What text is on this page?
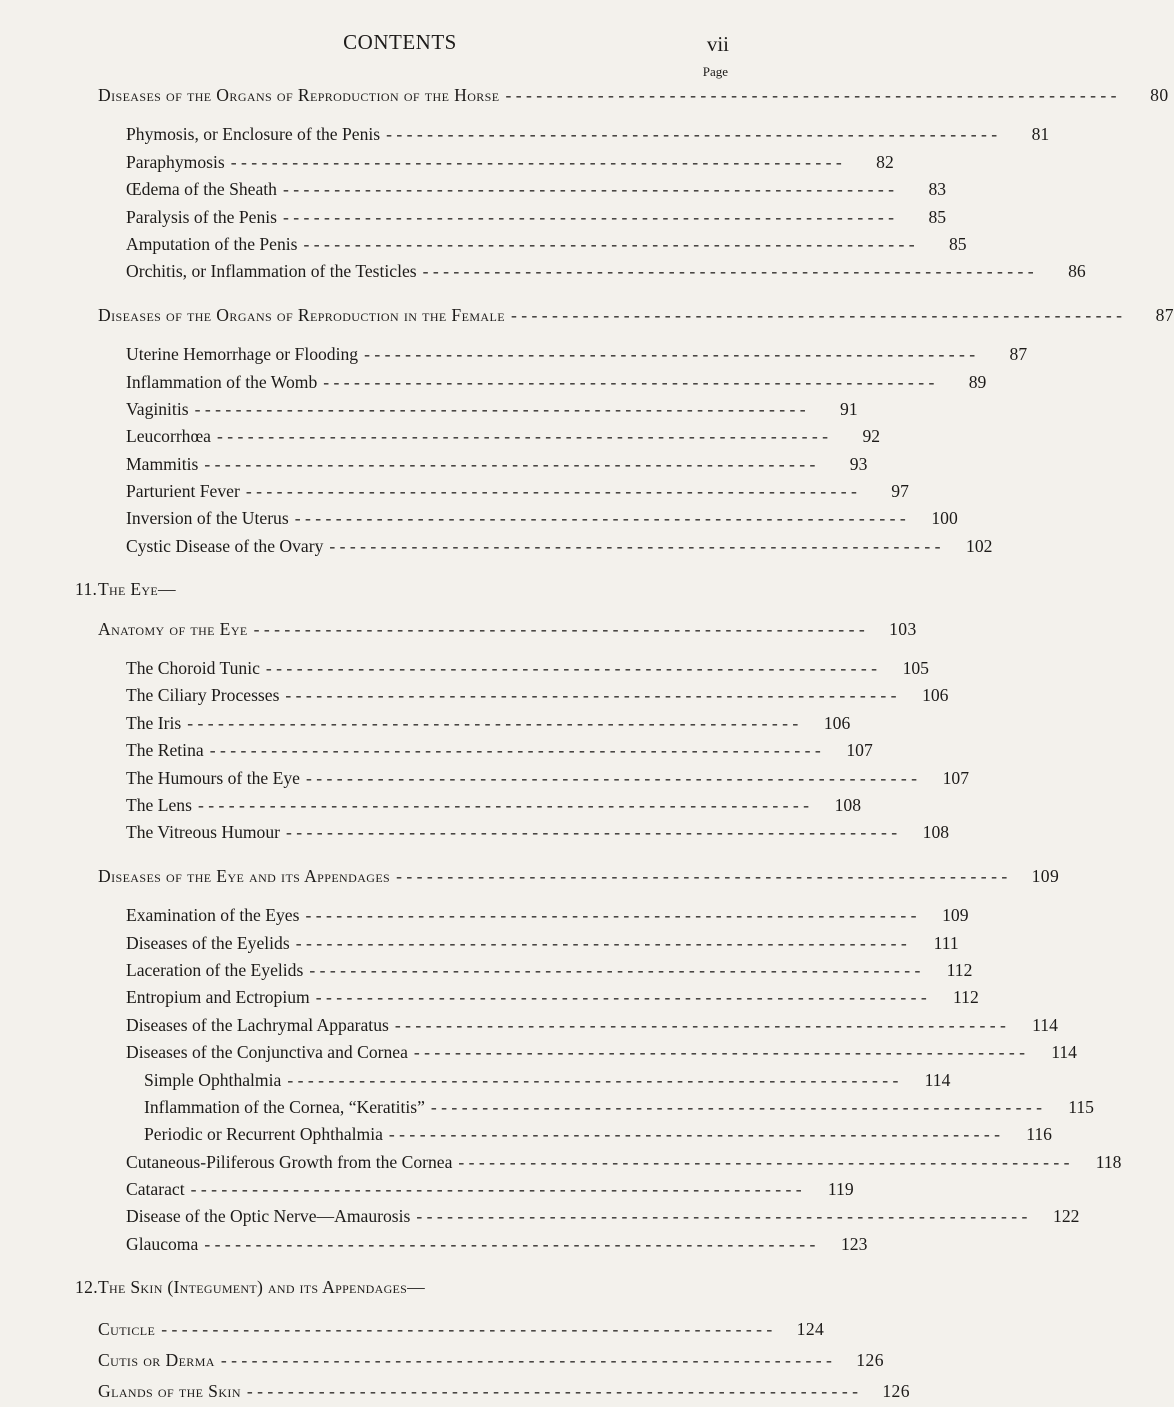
CONTENTS	vii
Page
Diseases of the Organs of Reproduction of the Horse - - - - - - - - - - - - - - - - - - - - - - - - - - - - - - - - - - - - - - - - - - - - - - - - - - - - - - - - - - - -	80
Phymosis, or Enclosure of the Penis - - - - - - - - - - - - - - - - - - - - - - - - - - - - - - - - - - - - - - - - - - - - - - - - - - - - - - - - - - - -	81
Paraphymosis - - - - - - - - - - - - - - - - - - - - - - - - - - - - - - - - - - - - - - - - - - - - - - - - - - - - - - - - - - - -	82
Œdema of the Sheath - - - - - - - - - - - - - - - - - - - - - - - - - - - - - - - - - - - - - - - - - - - - - - - - - - - - - - - - - - - -	83
Paralysis of the Penis - - - - - - - - - - - - - - - - - - - - - - - - - - - - - - - - - - - - - - - - - - - - - - - - - - - - - - - - - - - -	85
Amputation of the Penis - - - - - - - - - - - - - - - - - - - - - - - - - - - - - - - - - - - - - - - - - - - - - - - - - - - - - - - - - - - -	85
Orchitis, or Inflammation of the Testicles - - - - - - - - - - - - - - - - - - - - - - - - - - - - - - - - - - - - - - - - - - - - - - - - - - - - - - - - - - - -	86
Diseases of the Organs of Reproduction in the Female - - - - - - - - - - - - - - - - - - - - - - - - - - - - - - - - - - - - - - - - - - - - - - - - - - - - - - - - - - - -	87
Uterine Hemorrhage or Flooding - - - - - - - - - - - - - - - - - - - - - - - - - - - - - - - - - - - - - - - - - - - - - - - - - - - - - - - - - - - -	87
Inflammation of the Womb - - - - - - - - - - - - - - - - - - - - - - - - - - - - - - - - - - - - - - - - - - - - - - - - - - - - - - - - - - - -	89
Vaginitis - - - - - - - - - - - - - - - - - - - - - - - - - - - - - - - - - - - - - - - - - - - - - - - - - - - - - - - - - - - -	91
Leucorrhœa - - - - - - - - - - - - - - - - - - - - - - - - - - - - - - - - - - - - - - - - - - - - - - - - - - - - - - - - - - - -	92
Mammitis - - - - - - - - - - - - - - - - - - - - - - - - - - - - - - - - - - - - - - - - - - - - - - - - - - - - - - - - - - - -	93
Parturient Fever - - - - - - - - - - - - - - - - - - - - - - - - - - - - - - - - - - - - - - - - - - - - - - - - - - - - - - - - - - - -	97
Inversion of the Uterus - - - - - - - - - - - - - - - - - - - - - - - - - - - - - - - - - - - - - - - - - - - - - - - - - - - - - - - - - - - -	100
Cystic Disease of the Ovary - - - - - - - - - - - - - - - - - - - - - - - - - - - - - - - - - - - - - - - - - - - - - - - - - - - - - - - - - - - -	102
11. The Eye—
Anatomy of the Eye - - - - - - - - - - - - - - - - - - - - - - - - - - - - - - - - - - - - - - - - - - - - - - - - - - - - - - - - - - - -	103
The Choroid Tunic - - - - - - - - - - - - - - - - - - - - - - - - - - - - - - - - - - - - - - - - - - - - - - - - - - - - - - - - - - - -	105
The Ciliary Processes - - - - - - - - - - - - - - - - - - - - - - - - - - - - - - - - - - - - - - - - - - - - - - - - - - - - - - - - - - - -	106
The Iris - - - - - - - - - - - - - - - - - - - - - - - - - - - - - - - - - - - - - - - - - - - - - - - - - - - - - - - - - - - -	106
The Retina - - - - - - - - - - - - - - - - - - - - - - - - - - - - - - - - - - - - - - - - - - - - - - - - - - - - - - - - - - - -	107
The Humours of the Eye - - - - - - - - - - - - - - - - - - - - - - - - - - - - - - - - - - - - - - - - - - - - - - - - - - - - - - - - - - - -	107
The Lens - - - - - - - - - - - - - - - - - - - - - - - - - - - - - - - - - - - - - - - - - - - - - - - - - - - - - - - - - - - -	108
The Vitreous Humour - - - - - - - - - - - - - - - - - - - - - - - - - - - - - - - - - - - - - - - - - - - - - - - - - - - - - - - - - - - -	108
Diseases of the Eye and its Appendages - - - - - - - - - - - - - - - - - - - - - - - - - - - - - - - - - - - - - - - - - - - - - - - - - - - - - - - - - - - -	109
Examination of the Eyes - - - - - - - - - - - - - - - - - - - - - - - - - - - - - - - - - - - - - - - - - - - - - - - - - - - - - - - - - - - -	109
Diseases of the Eyelids - - - - - - - - - - - - - - - - - - - - - - - - - - - - - - - - - - - - - - - - - - - - - - - - - - - - - - - - - - - -	111
Laceration of the Eyelids - - - - - - - - - - - - - - - - - - - - - - - - - - - - - - - - - - - - - - - - - - - - - - - - - - - - - - - - - - - -	112
Entropium and Ectropium - - - - - - - - - - - - - - - - - - - - - - - - - - - - - - - - - - - - - - - - - - - - - - - - - - - - - - - - - - - -	112
Diseases of the Lachrymal Apparatus - - - - - - - - - - - - - - - - - - - - - - - - - - - - - - - - - - - - - - - - - - - - - - - - - - - - - - - - - - - -	114
Diseases of the Conjunctiva and Cornea - - - - - - - - - - - - - - - - - - - - - - - - - - - - - - - - - - - - - - - - - - - - - - - - - - - - - - - - - - - -	114
Simple Ophthalmia - - - - - - - - - - - - - - - - - - - - - - - - - - - - - - - - - - - - - - - - - - - - - - - - - - - - - - - - - - - -	114
Inflammation of the Cornea, “Keratitis” - - - - - - - - - - - - - - - - - - - - - - - - - - - - - - - - - - - - - - - - - - - - - - - - - - - - - - - - - - - -	115
Periodic or Recurrent Ophthalmia - - - - - - - - - - - - - - - - - - - - - - - - - - - - - - - - - - - - - - - - - - - - - - - - - - - - - - - - - - - -	116
Cutaneous-Piliferous Growth from the Cornea - - - - - - - - - - - - - - - - - - - - - - - - - - - - - - - - - - - - - - - - - - - - - - - - - - - - - - - - - - - -	118
Cataract - - - - - - - - - - - - - - - - - - - - - - - - - - - - - - - - - - - - - - - - - - - - - - - - - - - - - - - - - - - -	119
Disease of the Optic Nerve—Amaurosis - - - - - - - - - - - - - - - - - - - - - - - - - - - - - - - - - - - - - - - - - - - - - - - - - - - - - - - - - - - -	122
Glaucoma - - - - - - - - - - - - - - - - - - - - - - - - - - - - - - - - - - - - - - - - - - - - - - - - - - - - - - - - - - - -	123
12. The Skin (Integument) and its Appendages—
Cuticle - - - - - - - - - - - - - - - - - - - - - - - - - - - - - - - - - - - - - - - - - - - - - - - - - - - - - - - - - - - -	124
Cutis or Derma - - - - - - - - - - - - - - - - - - - - - - - - - - - - - - - - - - - - - - - - - - - - - - - - - - - - - - - - - - - -	126
Glands of the Skin - - - - - - - - - - - - - - - - - - - - - - - - - - - - - - - - - - - - - - - - - - - - - - - - - - - - - - - - - - - -	126
